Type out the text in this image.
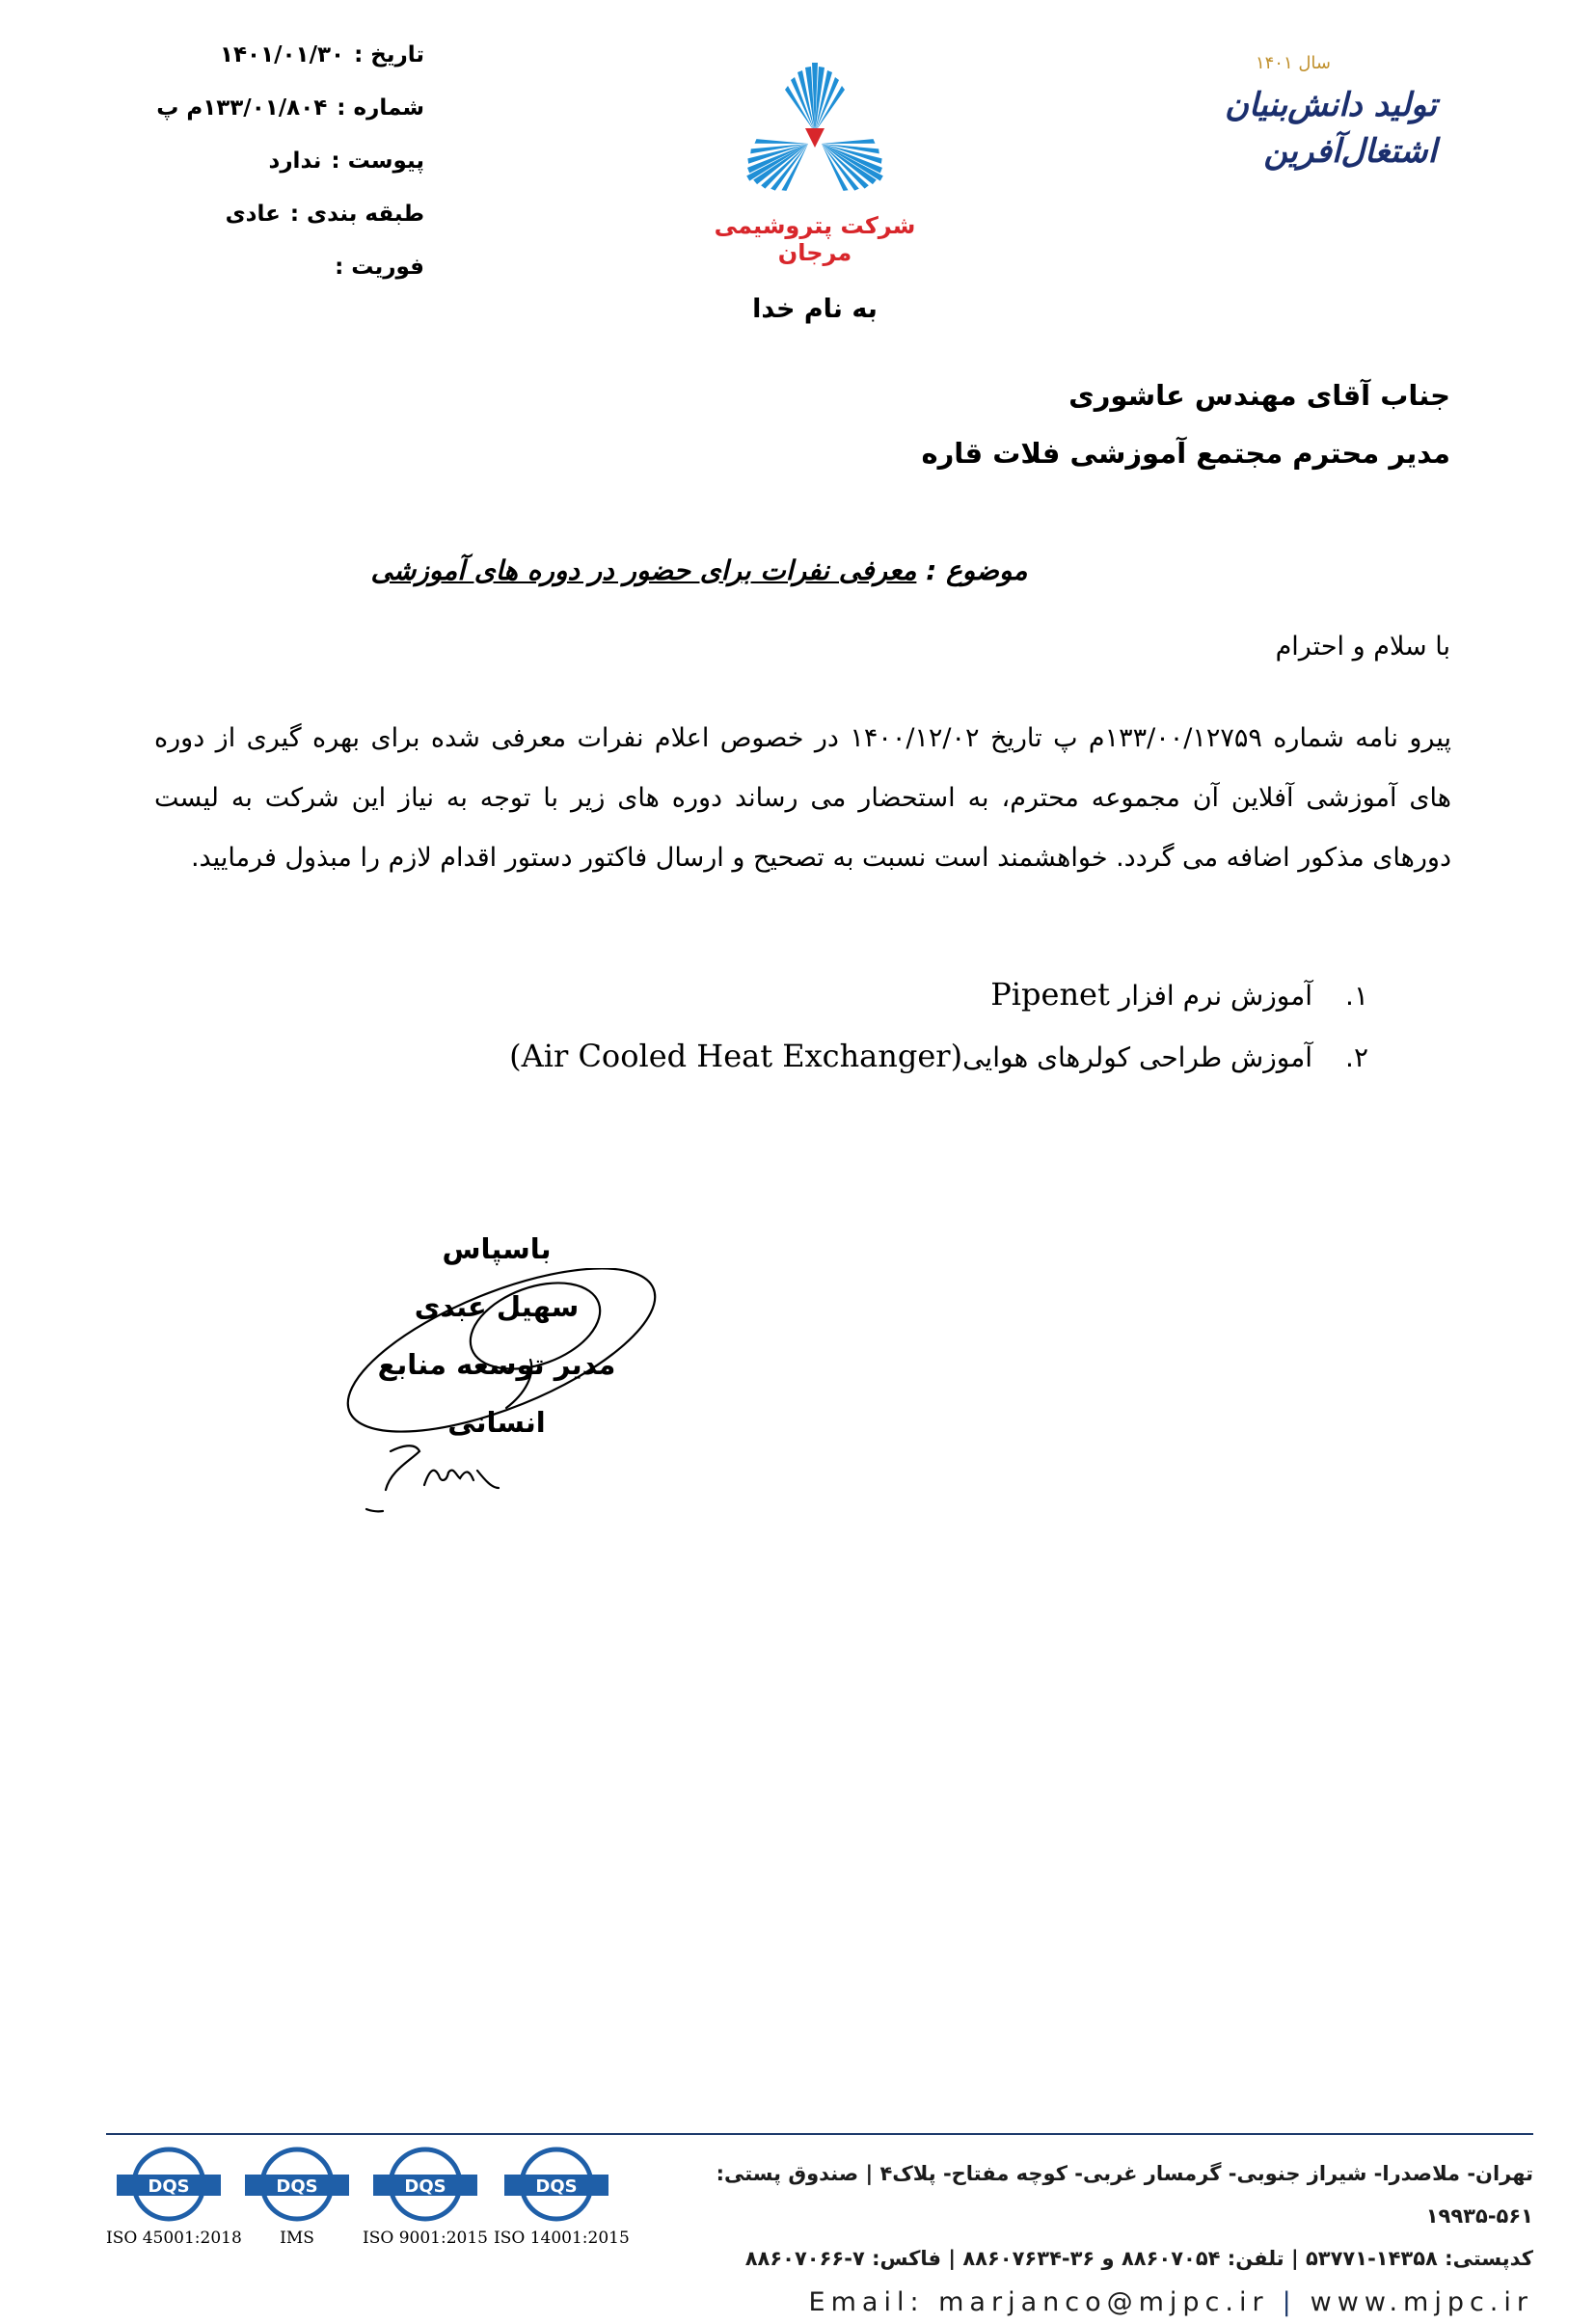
تاریخ :۱۴۰۱/۰۱/۳۰
شماره :۱۳۳/۰۱/۸۰۴م پ
پیوست :ندارد
طبقه بندی :عادی
فوریت :
شرکت پتروشیمی مرجان
سال ۱۴۰۱
تولید دانش‌بنیان اشتغال‌آفرین
به نام خدا
جناب آقای مهندس عاشوری
مدیر محترم مجتمع آموزشی فلات قاره
موضوع : معرفی نفرات برای حضور در دوره های آموزشی
با سلام و احترام
پیرو نامه شماره ۱۳۳/۰۰/۱۲۷۵۹م پ تاریخ ۱۴۰۰/۱۲/۰۲ در خصوص اعلام نفرات معرفی شده برای بهره گیری از دوره های آموزشی آفلاین آن مجموعه محترم، به استحضار می رساند دوره های زیر با توجه به نیاز این شرکت به لیست دورهای مذکور اضافه می گردد. خواهشمند است نسبت به تصحیح و ارسال فاکتور دستور اقدام لازم را مبذول فرمایید.
۱.آموزش نرم افزار Pipenet
۲.آموزش طراحی کولرهای هوایی(Air Cooled Heat Exchanger)
باسپاس
سهیل عبدی
مدیر توسعه منابع انسانی
تهران- ملاصدرا- شیراز جنوبی- گرمسار غربی- کوچه مفتاح- پلاک۴ | صندوق پستی: ۵۶۱-۱۹۹۳۵
کدپستی: ۱۴۳۵۸-۵۳۷۷۱ | تلفن: ۸۸۶۰۷۰۵۴ و ۳۶-۸۸۶۰۷۶۳۴ | فاکس: ۷-۸۸۶۰۷۰۶۶
Email: marjanco@mjpc.ir | www.mjpc.ir
DQS
ISO 45001:2018
DQS
IMS
DQS
ISO 9001:2015
DQS
ISO 14001:2015
